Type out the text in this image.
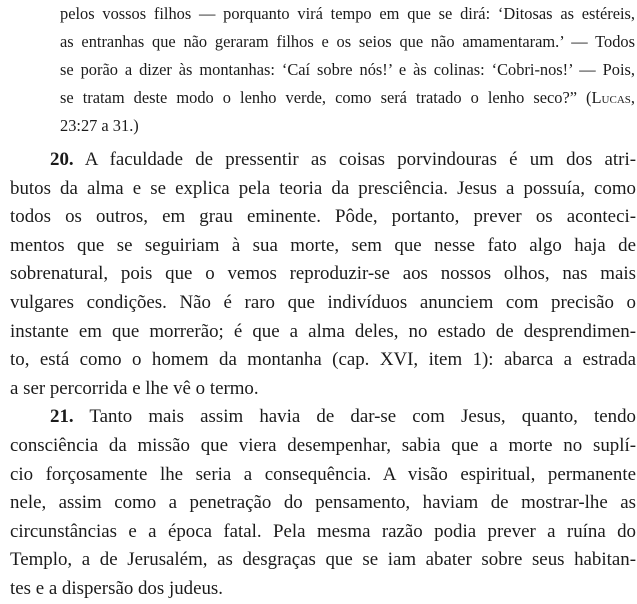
pelos vossos filhos — porquanto virá tempo em que se dirá: ‘Ditosas as estéreis,
as entranhas que não geraram filhos e os seios que não amamentaram.’ — Todos
se porão a dizer às montanhas: ‘Caí sobre nós!’ e às colinas: ‘Cobri-nos!’ — Pois,
se tratam deste modo o lenho verde, como será tratado o lenho seco?” (Lucas,
23:27 a 31.)
20. A faculdade de pressentir as coisas porvindouras é um dos atri-
butos da alma e se explica pela teoria da presciência. Jesus a possuía, como
todos os outros, em grau eminente. Pôde, portanto, prever os aconteci-
mentos que se seguiriam à sua morte, sem que nesse fato algo haja de
sobrenatural, pois que o vemos reproduzir-se aos nossos olhos, nas mais
vulgares condições. Não é raro que indivíduos anunciem com precisão o
instante em que morrerão; é que a alma deles, no estado de desprendimen-
to, está como o homem da montanha (cap. XVI, item 1): abarca a estrada
a ser percorrida e lhe vê o termo.
21. Tanto mais assim havia de dar-se com Jesus, quanto, tendo
consciência da missão que viera desempenhar, sabia que a morte no suplí-
cio forçosamente lhe seria a consequência. A visão espiritual, permanente
nele, assim como a penetração do pensamento, haviam de mostrar-lhe as
circunstâncias e a época fatal. Pela mesma razão podia prever a ruína do
Templo, a de Jerusalém, as desgraças que se iam abater sobre seus habitan-
tes e a dispersão dos judeus.
